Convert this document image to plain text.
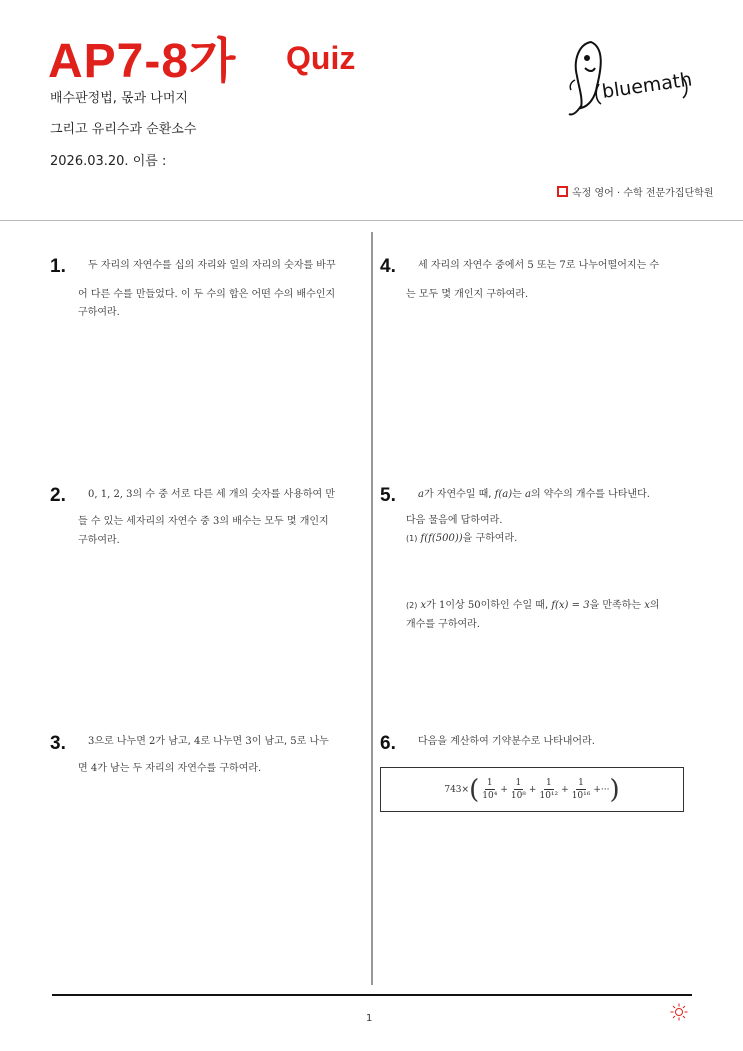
AP7-8가 Quiz
배수판정법, 몫과 나머지
그리고 유리수과 순환소수
2026.03.20. 이름 :
bluemath
옥정 영어 · 수학 전문가집단학원
1. 두 자리의 자연수를 십의 자리와 일의 자리의 숫자를 바꾸
어 다른 수를 만들었다. 이 두 수의 합은 어떤 수의 배수인지
구하여라.
2. 0, 1, 2, 3의 수 중 서로 다른 세 개의 숫자를 사용하여 만
들 수 있는 세자리의 자연수 중 3의 배수는 모두 몇 개인지
구하여라.
3. 3으로 나누면 2가 남고, 4로 나누면 3이 남고, 5로 나누
면 4가 남는 두 자리의 자연수를 구하여라.
4. 세 자리의 자연수 중에서 5 또는 7로 나누어떨어지는 수
는 모두 몇 개인지 구하여라.
5. a가 자연수일 때, f(a)는 a의 약수의 개수를 나타낸다.
다음 물음에 답하여라.
(1) f(f(500))을 구하여라.
(2) x가 1이상 50이하인 수일 때, f(x) = 3을 만족하는 x의
개수를 구하여라.
6. 다음을 계산하여 기약분수로 나타내어라.
743× ( $\frac{1}{\text{10⁴}} + \frac{1}{\text{10⁸}} + \frac{1}{\text{10¹²}} + \frac{1}{\text{10¹⁶}}$ +··· )
1
